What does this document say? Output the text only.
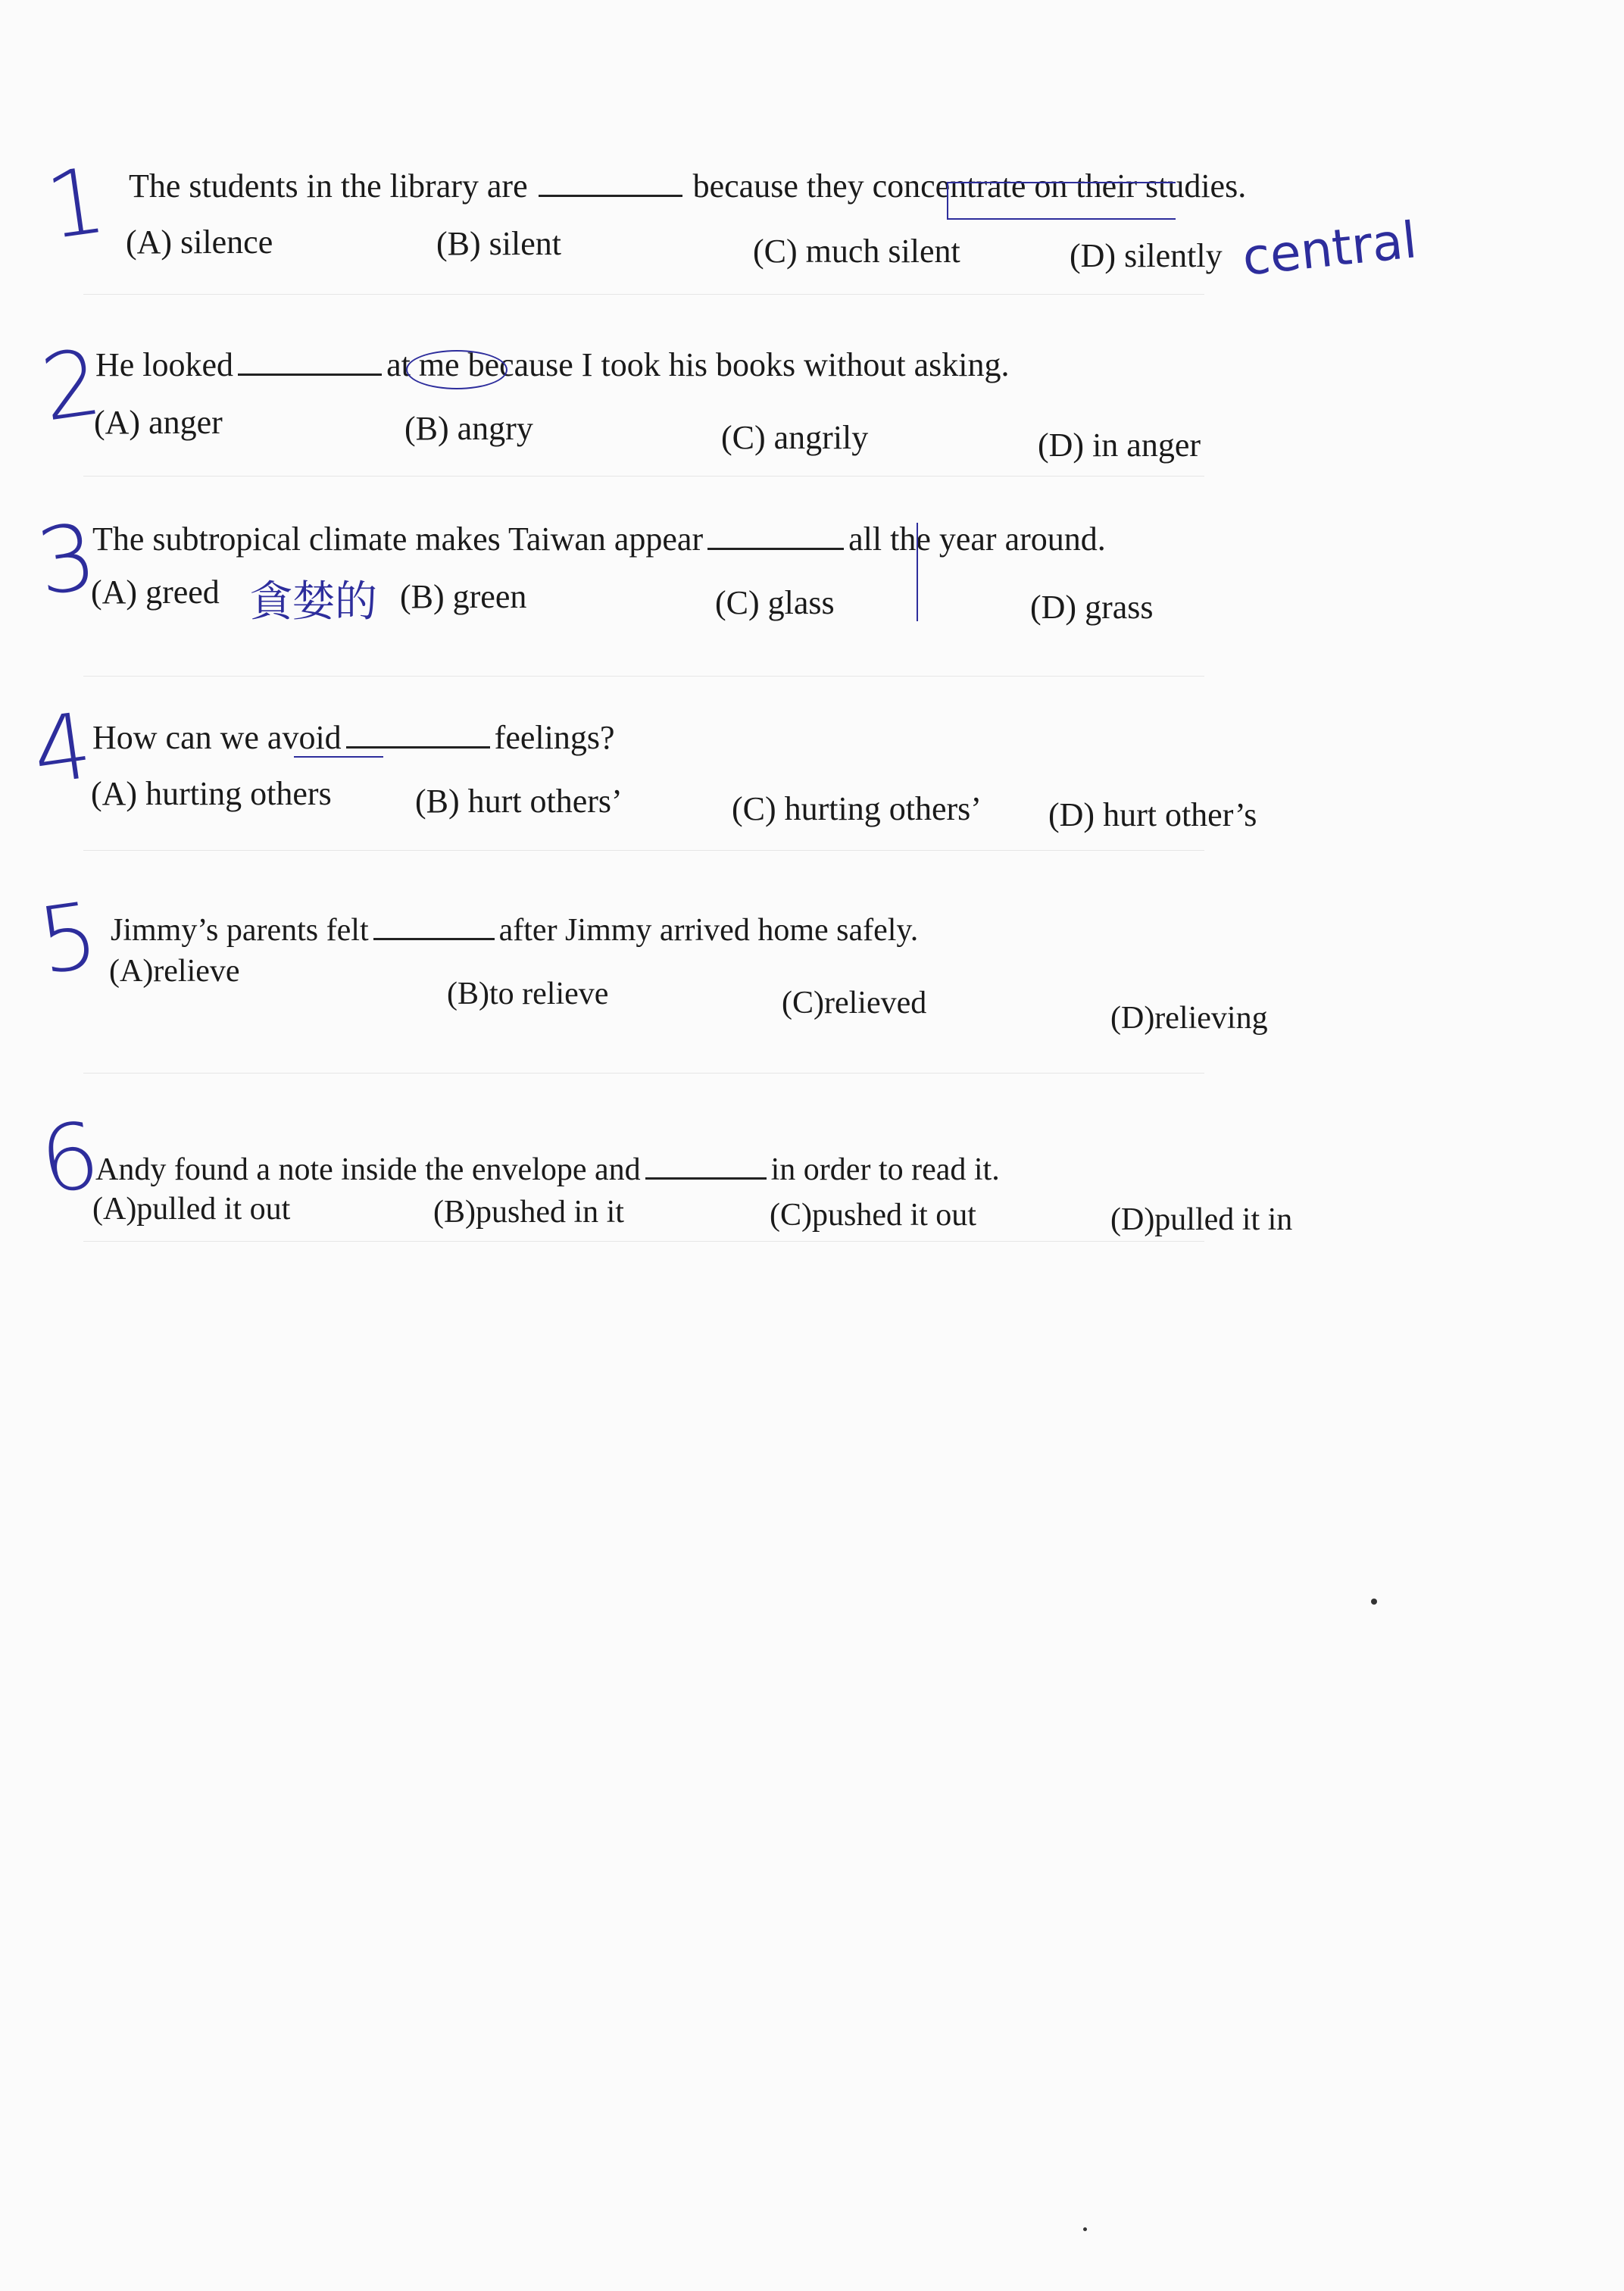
1 The students in the library are	because they concentrate on their studies.
(A) silence	(B) silent	(C) much silent	(D) silently central
2
He looked	at me because I took his books without asking.
(A) anger	(B) angry	(C) angrily	(D) in anger
3
The subtropical climate makes Taiwan appear	all the year around.
(A) greed 貪婪的 (B) green	(C) glass	(D) grass
4
How can we avoid	feelings?
(A) hurting others	(B) hurt others’	(C) hurting others’ (D) hurt other’s
5 Jimmy’s parents felt	after Jimmy arrived home safely.
(A)relieve
(B)to relieve	(C)relieved	(D)relieving
6
Andy found a note inside the envelope and	in order to read it.
(A)pulled it out	(B)pushed in it	(C)pushed it out	(D)pulled it in
